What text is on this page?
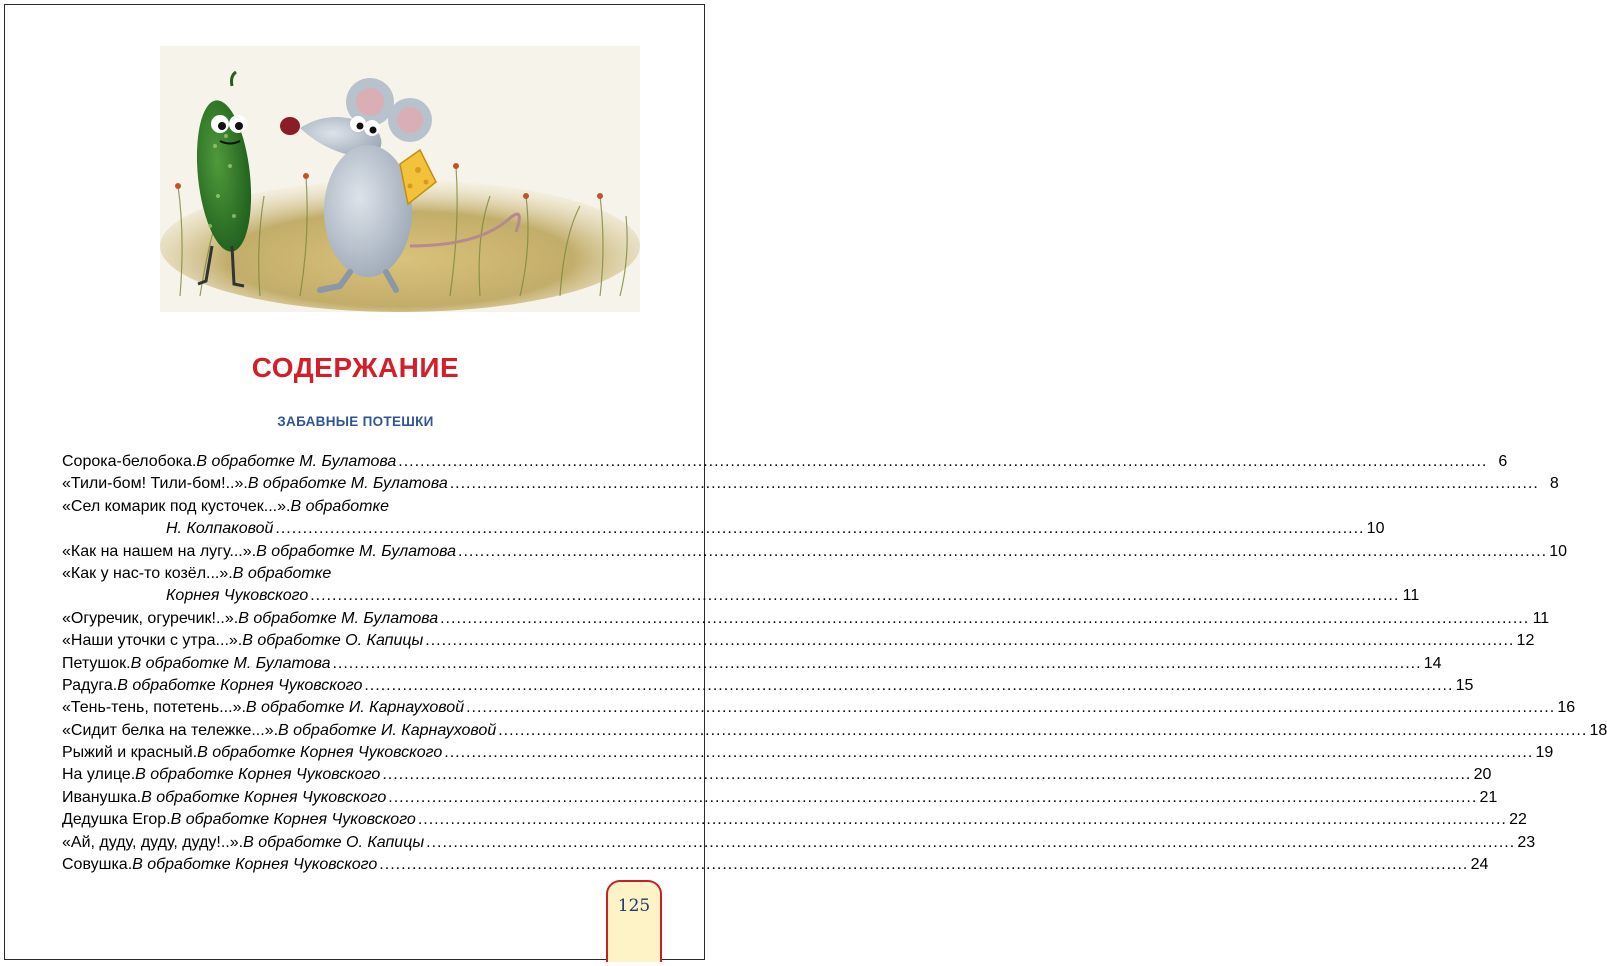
СОДЕРЖАНИЕ
ЗАБАВНЫЕ ПОТЕШКИ
Сорока-белобока. В обработке М. Булатова ........................................................................................................................................................................................................ 6
«Тили-бом! Тили-бом!..». В обработке М. Булатова ........................................................................................................................................................................................................ 8
«Сел комарик под кусточек...». В обработке
Н. Колпаковой ........................................................................................................................................................................................................ 10
«Как на нашем на лугу...». В обработке М. Булатова ........................................................................................................................................................................................................ 10
«Как у нас-то козёл...». В обработке
Корнея Чуковского ........................................................................................................................................................................................................ 11
«Огуречик, огуречик!..». В обработке М. Булатова ........................................................................................................................................................................................................ 11
«Наши уточки с утра...». В обработке О. Капицы ........................................................................................................................................................................................................ 12
Петушок. В обработке М. Булатова ........................................................................................................................................................................................................ 14
Радуга. В обработке Корнея Чуковского ........................................................................................................................................................................................................ 15
«Тень-тень, потетень...». В обработке И. Карнауховой ........................................................................................................................................................................................................ 16
«Сидит белка на тележке...». В обработке И. Карнауховой ........................................................................................................................................................................................................ 18
Рыжий и красный. В обработке Корнея Чуковского ........................................................................................................................................................................................................ 19
На улице. В обработке Корнея Чуковского ........................................................................................................................................................................................................ 20
Иванушка. В обработке Корнея Чуковского ........................................................................................................................................................................................................ 21
Дедушка Егор. В обработке Корнея Чуковского ........................................................................................................................................................................................................ 22
«Ай, дуду, дуду, дуду!..». В обработке О. Капицы ........................................................................................................................................................................................................ 23
Совушка. В обработке Корнея Чуковского ........................................................................................................................................................................................................ 24
125
